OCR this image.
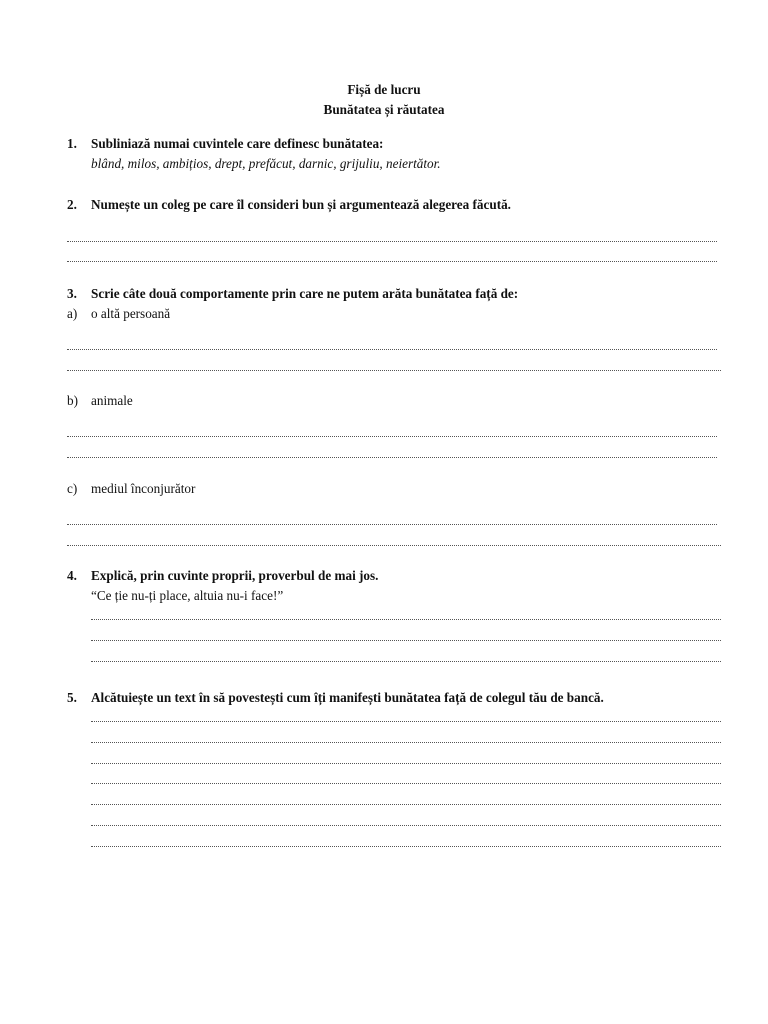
Fișă de lucru
Bunătatea și răutatea
1. Subliniază numai cuvintele care definesc bunătatea:
blând, milos, ambițios, drept, prefăcut, darnic, grijuliu, neiertător.
2. Numește un coleg pe care îl consideri bun și argumentează alegerea făcută.
3. Scrie câte două comportamente prin care ne putem arăta bunătatea față de:
a) o altă persoană
b) animale
c) mediul înconjurător
4. Explică, prin cuvinte proprii, proverbul de mai jos.
“Ce ție nu-ți place, altuia nu-i face!”
5. Alcătuiește un text în să povestești cum îți manifești bunătatea față de colegul tău de bancă.
